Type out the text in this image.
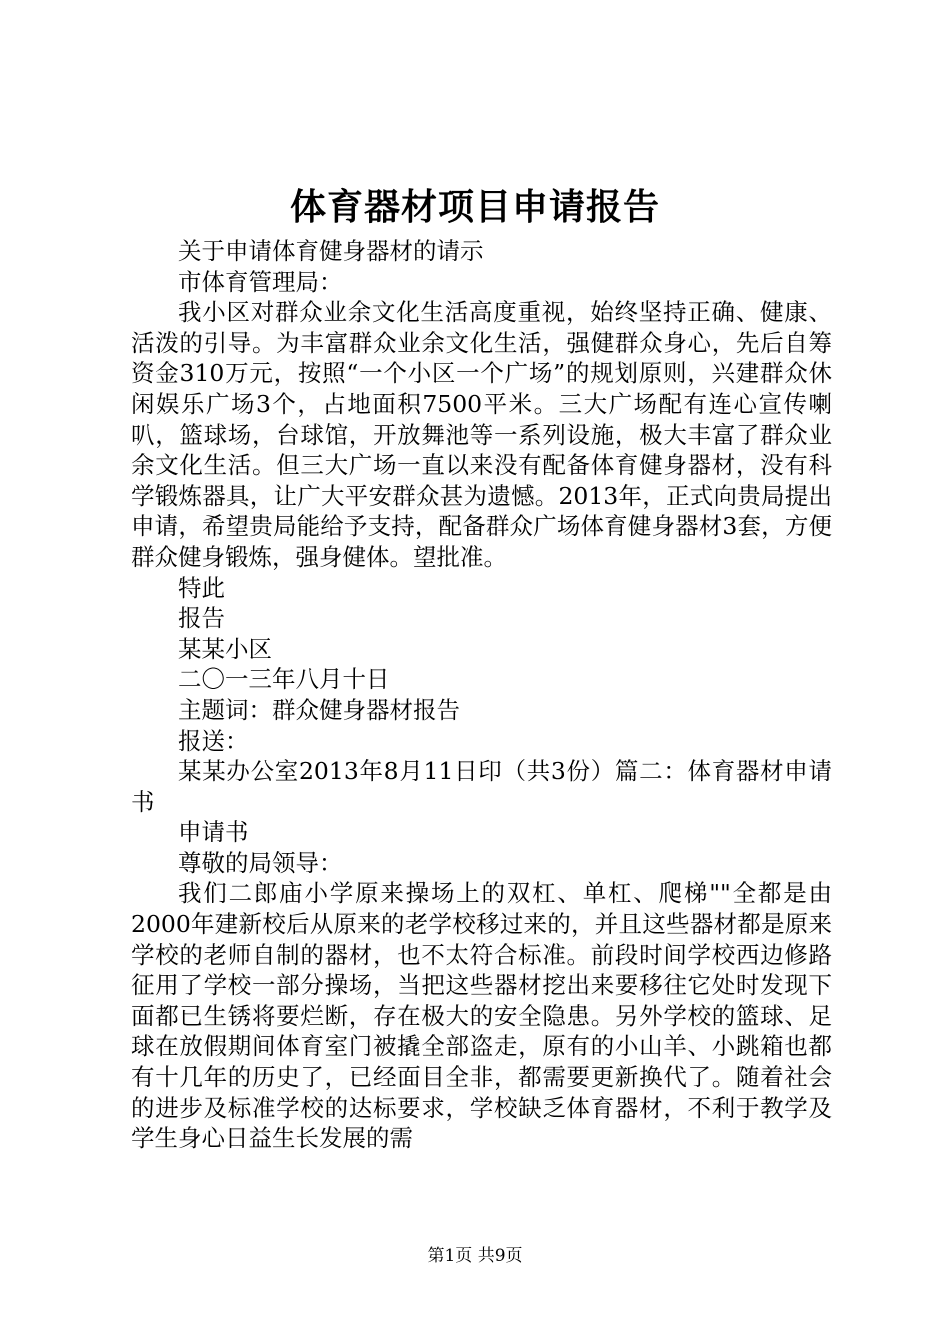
体育器材项目申请报告

关于申请体育健身器材的请示

市体育管理局：

我小区对群众业余文化生活高度重视，始终坚持正确、健康、活泼的引导。为丰富群众业余文化生活，强健群众身心，先后自筹资金310万元，按照“一个小区一个广场”的规划原则，兴建群众休闲娱乐广场3个，占地面积7500平米。三大广场配有连心宣传喇叭，篮球场，台球馆，开放舞池等一系列设施，极大丰富了群众业余文化生活。但三大广场一直以来没有配备体育健身器材，没有科学锻炼器具，让广大平安群众甚为遗憾。2013年，正式向贵局提出申请，希望贵局能给予支持，配备群众广场体育健身器材3套，方便群众健身锻炼，强身健体。望批准。

特此

报告

某某小区

二〇一三年八月十日

主题词：群众健身器材报告

报送：

某某办公室2013年8月11日印（共3份）篇二：体育器材申请书

申请书

尊敬的局领导：

我们二郎庙小学原来操场上的双杠、单杠、爬梯""全都是由2000年建新校后从原来的老学校移过来的，并且这些器材都是原来学校的老师自制的器材，也不太符合标准。前段时间学校西边修路征用了学校一部分操场，当把这些器材挖出来要移往它处时发现下面都已生锈将要烂断，存在极大的安全隐患。另外学校的篮球、足球在放假期间体育室门被撬全部盗走，原有的小山羊、小跳箱也都有十几年的历史了，已经面目全非，都需要更新换代了。随着社会的进步及标准学校的达标要求，学校缺乏体育器材，不利于教学及学生身心日益生长发展的需

第1页 共9页
